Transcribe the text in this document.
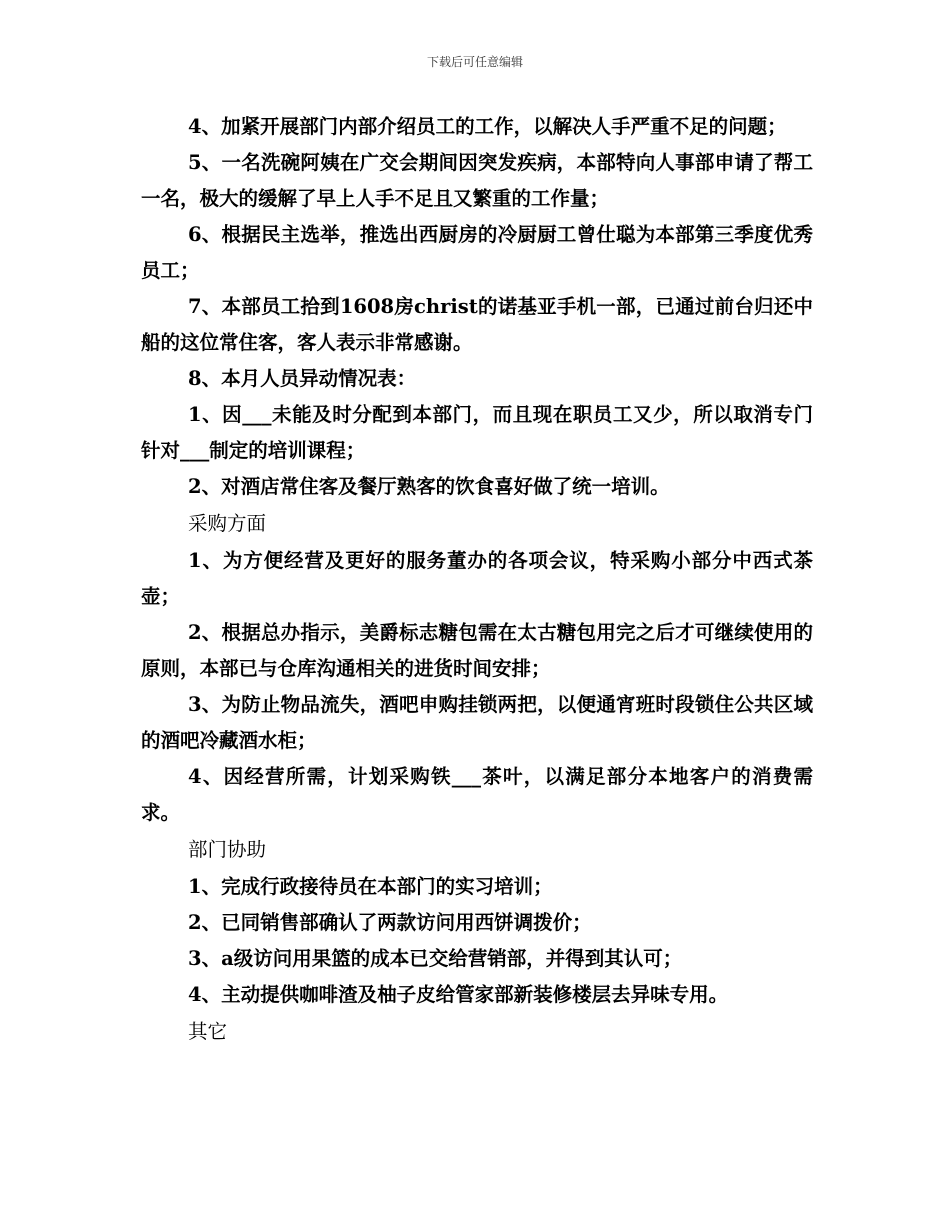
下载后可任意编辑

4、加紧开展部门内部介绍员工的工作，以解决人手严重不足的问题；

5、一名洗碗阿姨在广交会期间因突发疾病，本部特向人事部申请了帮工一名，极大的缓解了早上人手不足且又繁重的工作量；

6、根据民主选举，推选出西厨房的冷厨厨工曾仕聪为本部第三季度优秀员工；

7、本部员工拾到1608房christ的诺基亚手机一部，已通过前台归还中船的这位常住客，客人表示非常感谢。

8、本月人员异动情况表：

1、因___未能及时分配到本部门，而且现在职员工又少，所以取消专门针对___制定的培训课程；

2、对酒店常住客及餐厅熟客的饮食喜好做了统一培训。

采购方面

1、为方便经营及更好的服务董办的各项会议，特采购小部分中西式茶壶；

2、根据总办指示，美爵标志糖包需在太古糖包用完之后才可继续使用的原则，本部已与仓库沟通相关的进货时间安排；

3、为防止物品流失，酒吧申购挂锁两把，以便通宵班时段锁住公共区域的酒吧冷藏酒水柜；

4、因经营所需，计划采购铁___茶叶，以满足部分本地客户的消费需求。

部门协助

1、完成行政接待员在本部门的实习培训；

2、已同销售部确认了两款访问用西饼调拨价；

3、a级访问用果篮的成本已交给营销部，并得到其认可；

4、主动提供咖啡渣及柚子皮给管家部新装修楼层去异味专用。

其它
